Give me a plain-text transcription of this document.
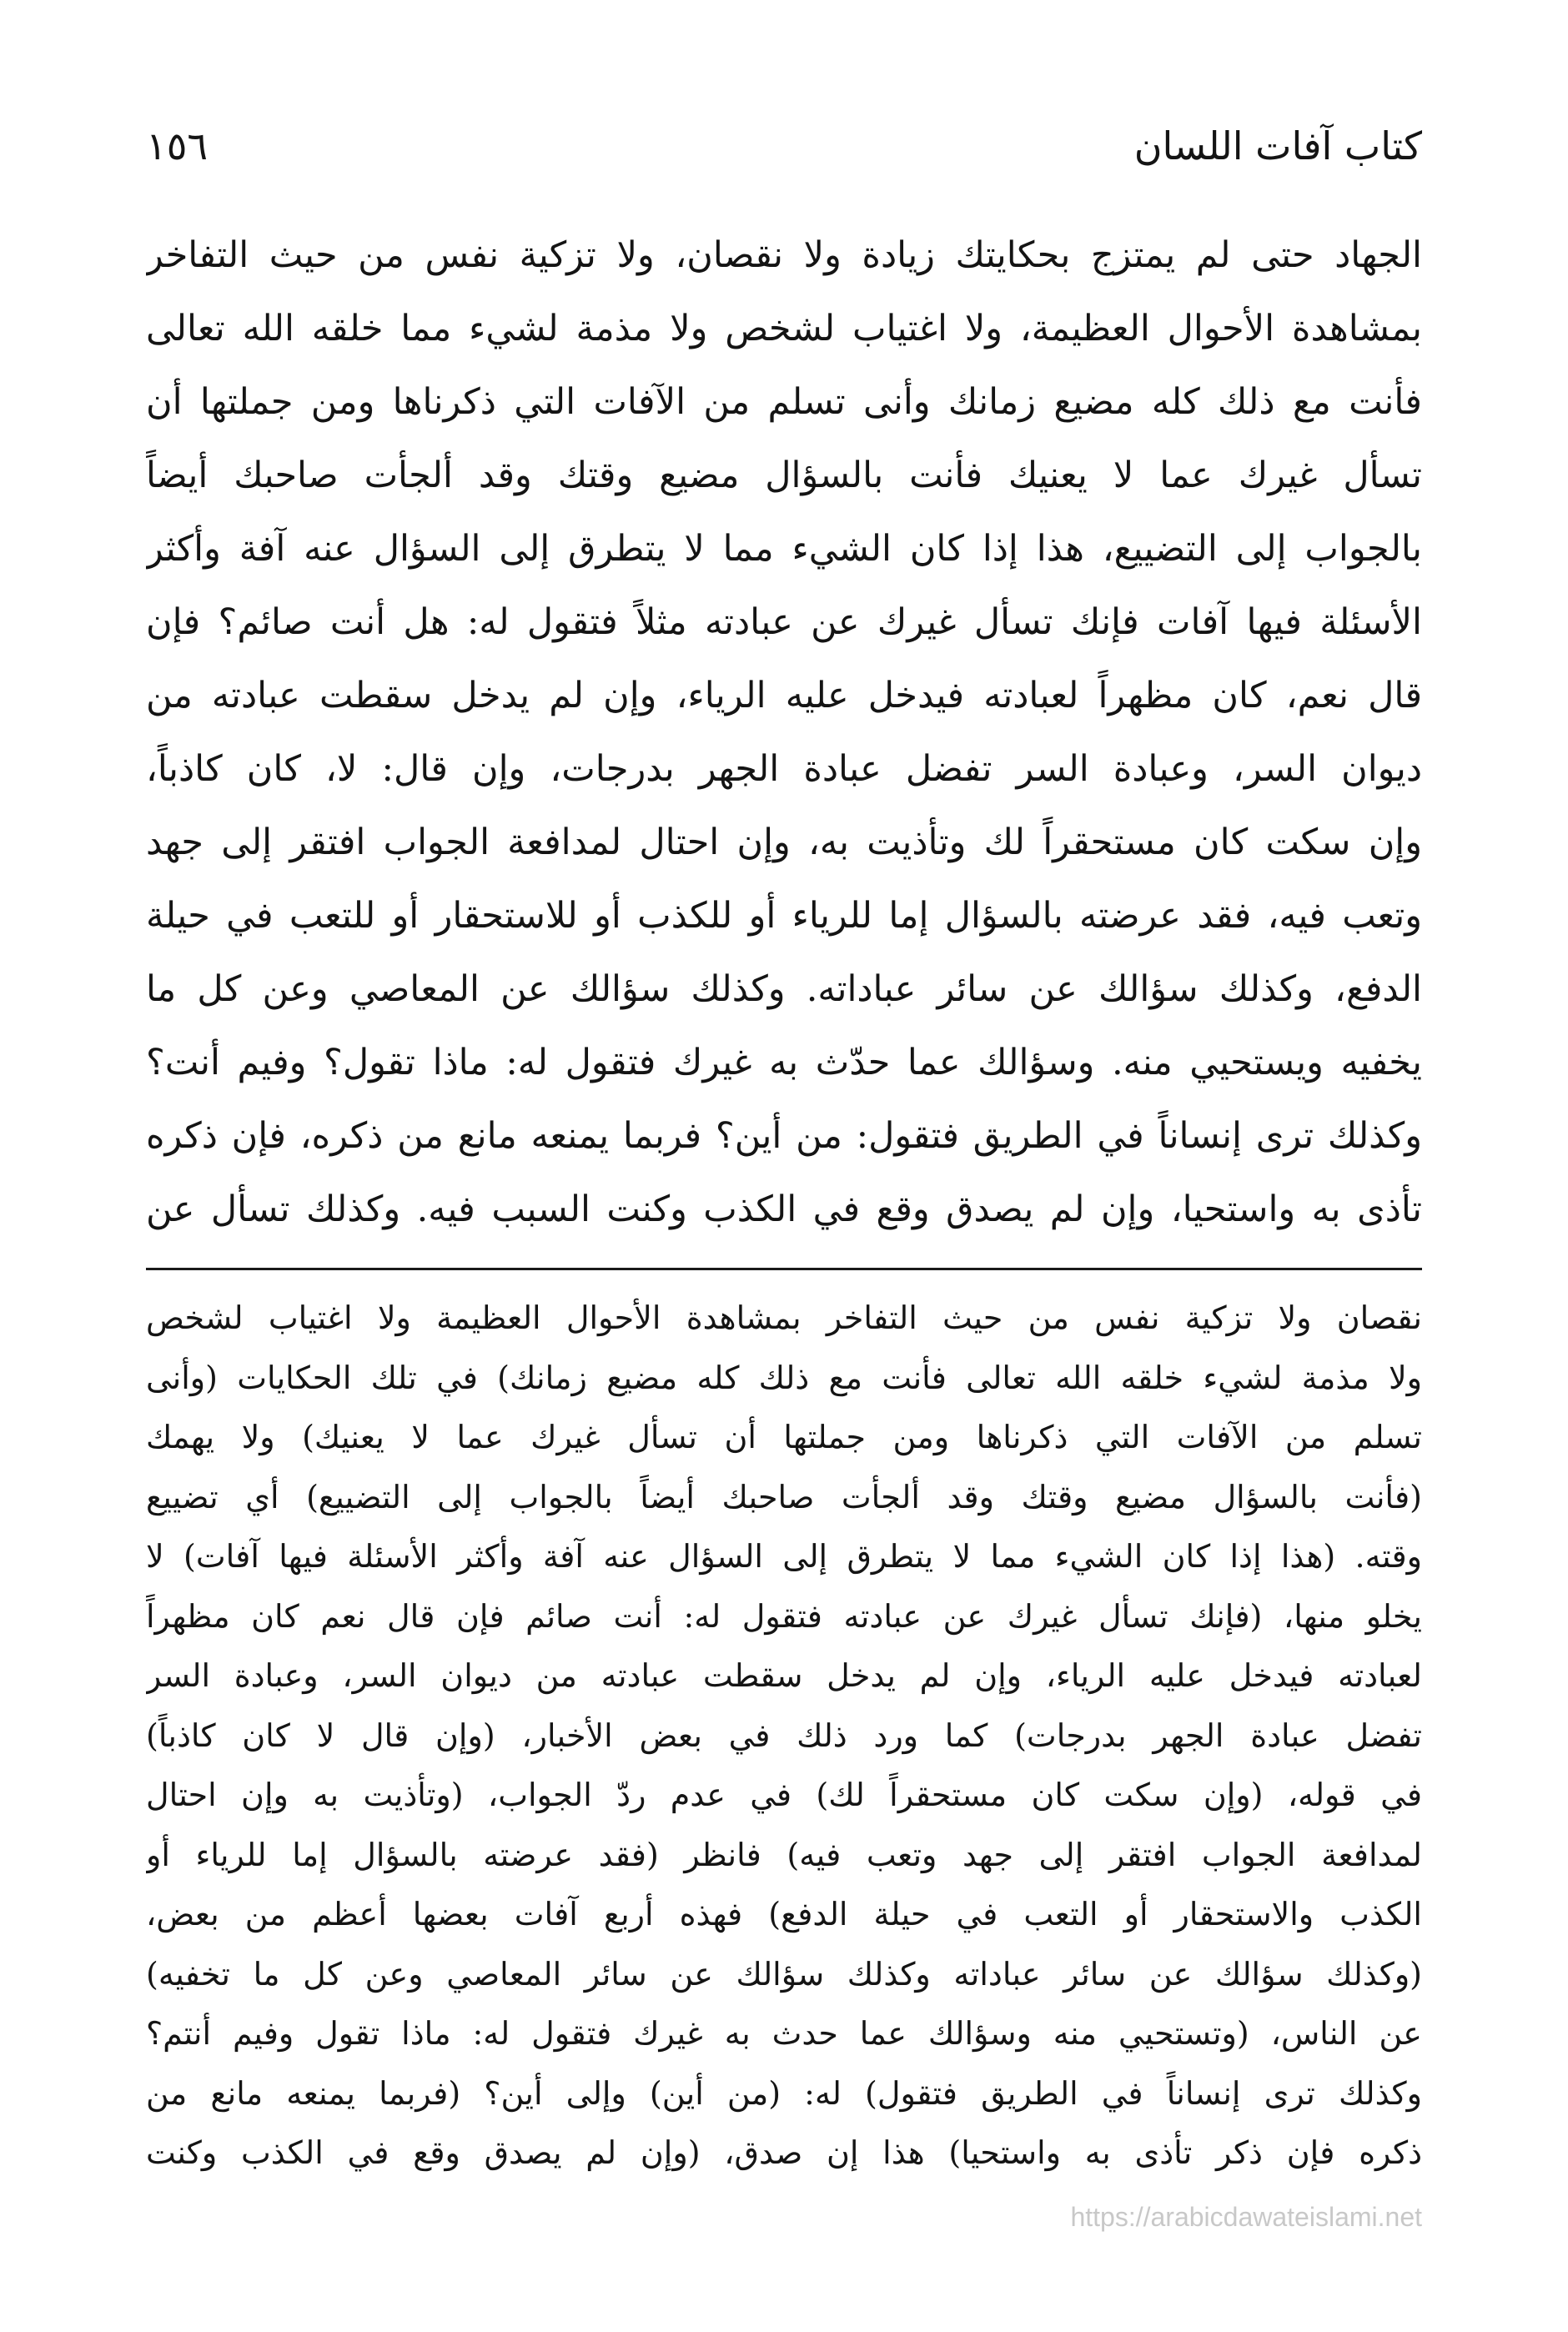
١٥٦	كتاب آفات اللسان
الجهاد حتى لم يمتزج بحكايتك زيادة ولا نقصان، ولا تزكية نفس من حيث التفاخر
بمشاهدة الأحوال العظيمة، ولا اغتياب لشخص ولا مذمة لشيء مما خلقه الله تعالى
فأنت مع ذلك كله مضيع زمانك وأنى تسلم من الآفات التي ذكرناها ومن جملتها أن
تسأل غيرك عما لا يعنيك فأنت بالسؤال مضيع وقتك وقد ألجأت صاحبك أيضاً
بالجواب إلى التضييع، هذا إذا كان الشيء مما لا يتطرق إلى السؤال عنه آفة وأكثر
الأسئلة فيها آفات فإنك تسأل غيرك عن عبادته مثلاً فتقول له: هل أنت صائم؟ فإن
قال نعم، كان مظهراً لعبادته فيدخل عليه الرياء، وإن لم يدخل سقطت عبادته من
ديوان السر، وعبادة السر تفضل عبادة الجهر بدرجات، وإن قال: لا، كان كاذباً،
وإن سكت كان مستحقراً لك وتأذيت به، وإن احتال لمدافعة الجواب افتقر إلى جهد
وتعب فيه، فقد عرضته بالسؤال إما للرياء أو للكذب أو للاستحقار أو للتعب في حيلة
الدفع، وكذلك سؤالك عن سائر عباداته. وكذلك سؤالك عن المعاصي وعن كل ما
يخفيه ويستحيي منه. وسؤالك عما حدّث به غيرك فتقول له: ماذا تقول؟ وفيم أنت؟
وكذلك ترى إنساناً في الطريق فتقول: من أين؟ فربما يمنعه مانع من ذكره، فإن ذكره
تأذى به واستحيا، وإن لم يصدق وقع في الكذب وكنت السبب فيه. وكذلك تسأل عن
نقصان ولا تزكية نفس من حيث التفاخر بمشاهدة الأحوال العظيمة ولا اغتياب لشخص
ولا مذمة لشيء خلقه الله تعالى فأنت مع ذلك كله مضيع زمانك) في تلك الحكايات (وأنى
تسلم من الآفات التي ذكرناها ومن جملتها أن تسأل غيرك عما لا يعنيك) ولا يهمك
(فأنت بالسؤال مضيع وقتك وقد ألجأت صاحبك أيضاً بالجواب إلى التضييع) أي تضييع
وقته. (هذا إذا كان الشيء مما لا يتطرق إلى السؤال عنه آفة وأكثر الأسئلة فيها آفات) لا
يخلو منها، (فإنك تسأل غيرك عن عبادته فتقول له: أنت صائم فإن قال نعم كان مظهراً
لعبادته فيدخل عليه الرياء، وإن لم يدخل سقطت عبادته من ديوان السر، وعبادة السر
تفضل عبادة الجهر بدرجات) كما ورد ذلك في بعض الأخبار، (وإن قال لا كان كاذباً)
في قوله، (وإن سكت كان مستحقراً لك) في عدم ردّ الجواب، (وتأذيت به وإن احتال
لمدافعة الجواب افتقر إلى جهد وتعب فيه) فانظر (فقد عرضته بالسؤال إما للرياء أو
الكذب والاستحقار أو التعب في حيلة الدفع) فهذه أربع آفات بعضها أعظم من بعض،
(وكذلك سؤالك عن سائر عباداته وكذلك سؤالك عن سائر المعاصي وعن كل ما تخفيه)
عن الناس، (وتستحيي منه وسؤالك عما حدث به غيرك فتقول له: ماذا تقول وفيم أنتم؟
وكذلك ترى إنساناً في الطريق فتقول) له: (من أين) وإلى أين؟ (فربما يمنعه مانع من
ذكره فإن ذكر تأذى به واستحيا) هذا إن صدق، (وإن لم يصدق وقع في الكذب وكنت
https://arabicdawateislami.net
